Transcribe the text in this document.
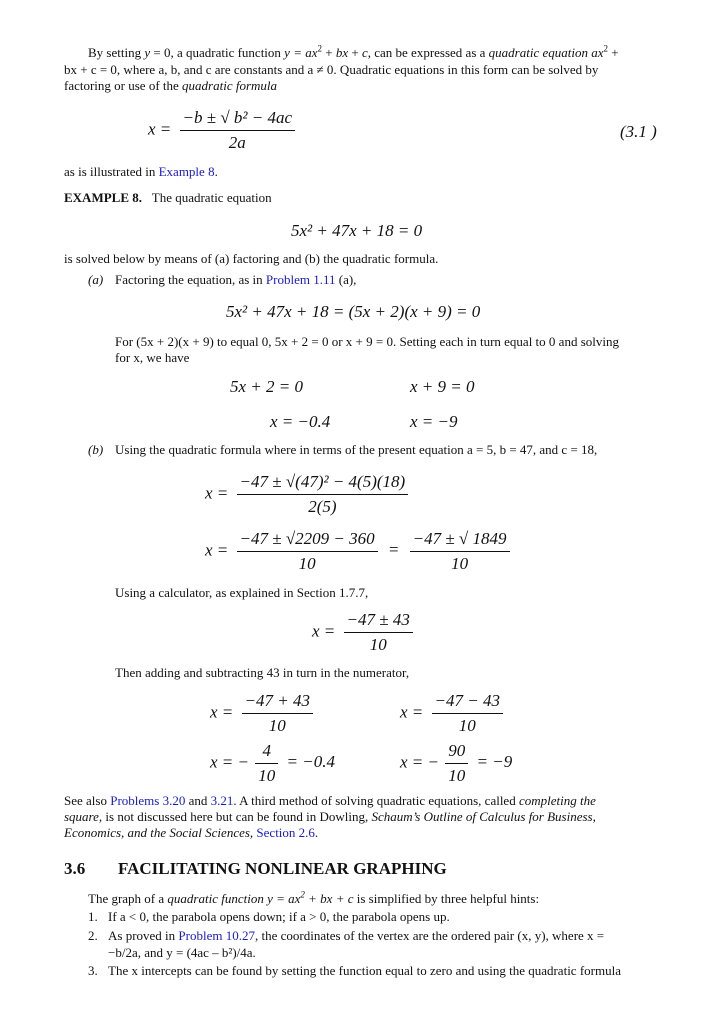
By setting y = 0, a quadratic function $y = ax^2$ + bx + c, can be expressed as a quadratic equation $ax^2$ +
bx + c = 0, where a, b, and c are constants and a ≠ 0. Quadratic equations in this form can be solved by
factoring or use of the quadratic formula
$x = \frac{\text{−b ± √ b² − 4ac}}{2a}$	(3.1 )
as is illustrated in Example 8.
EXAMPLE 8. The quadratic equation
5x² + 47x + 18 = 0
is solved below by means of (a) factoring and (b) the quadratic formula.
(a) Factoring the equation, as in Problem 1.11 (a),
5x² + 47x + 18 = (5x + 2)(x + 9) = 0
For (5x + 2)(x + 9) to equal 0, 5x + 2 = 0 or x + 9 = 0. Setting each in turn equal to 0 and solving
for x, we have
5x + 2 = 0	x + 9 = 0
x = −0.4	x = −9
(b) Using the quadratic formula where in terms of the present equation a = 5, b = 47, and c = 18,
$x = \frac{\text{−47 ± √(47)² − 4(5)(18)}}{2(5)}$
$x = \frac{-47 \pm √2209 - 360}{10} = \frac{-47 \pm √ 1849}{10}$
Using a calculator, as explained in Section 1.7.7,
$x = \frac{-47 \pm 43}{10}$
Then adding and subtracting 43 in turn in the numerator,
$x = \frac{-47 + 43}{10}$	$x = \frac{-47 - 43}{10}$
x = − $\frac{4}{10} = -0.4$	x = − $\frac{90}{10} = -9$
See also Problems 3.20 and 3.21. A third method of solving quadratic equations, called completing the
square, is not discussed here but can be found in Dowling, Schaum’s Outline of Calculus for Business,
Economics, and the Social Sciences, Section 2.6.
3.6 FACILITATING NONLINEAR GRAPHING
The graph of a quadratic function $y = ax^2$ + bx + c is simplified by three helpful hints:
1. If a < 0, the parabola opens down; if a > 0, the parabola opens up.
2. As proved in Problem 10.27, the coordinates of the vertex are the ordered pair (x, y), where x =
−b/2a, and y = (4ac – b²)/4a.
3. The x intercepts can be found by setting the function equal to zero and using the quadratic formula
